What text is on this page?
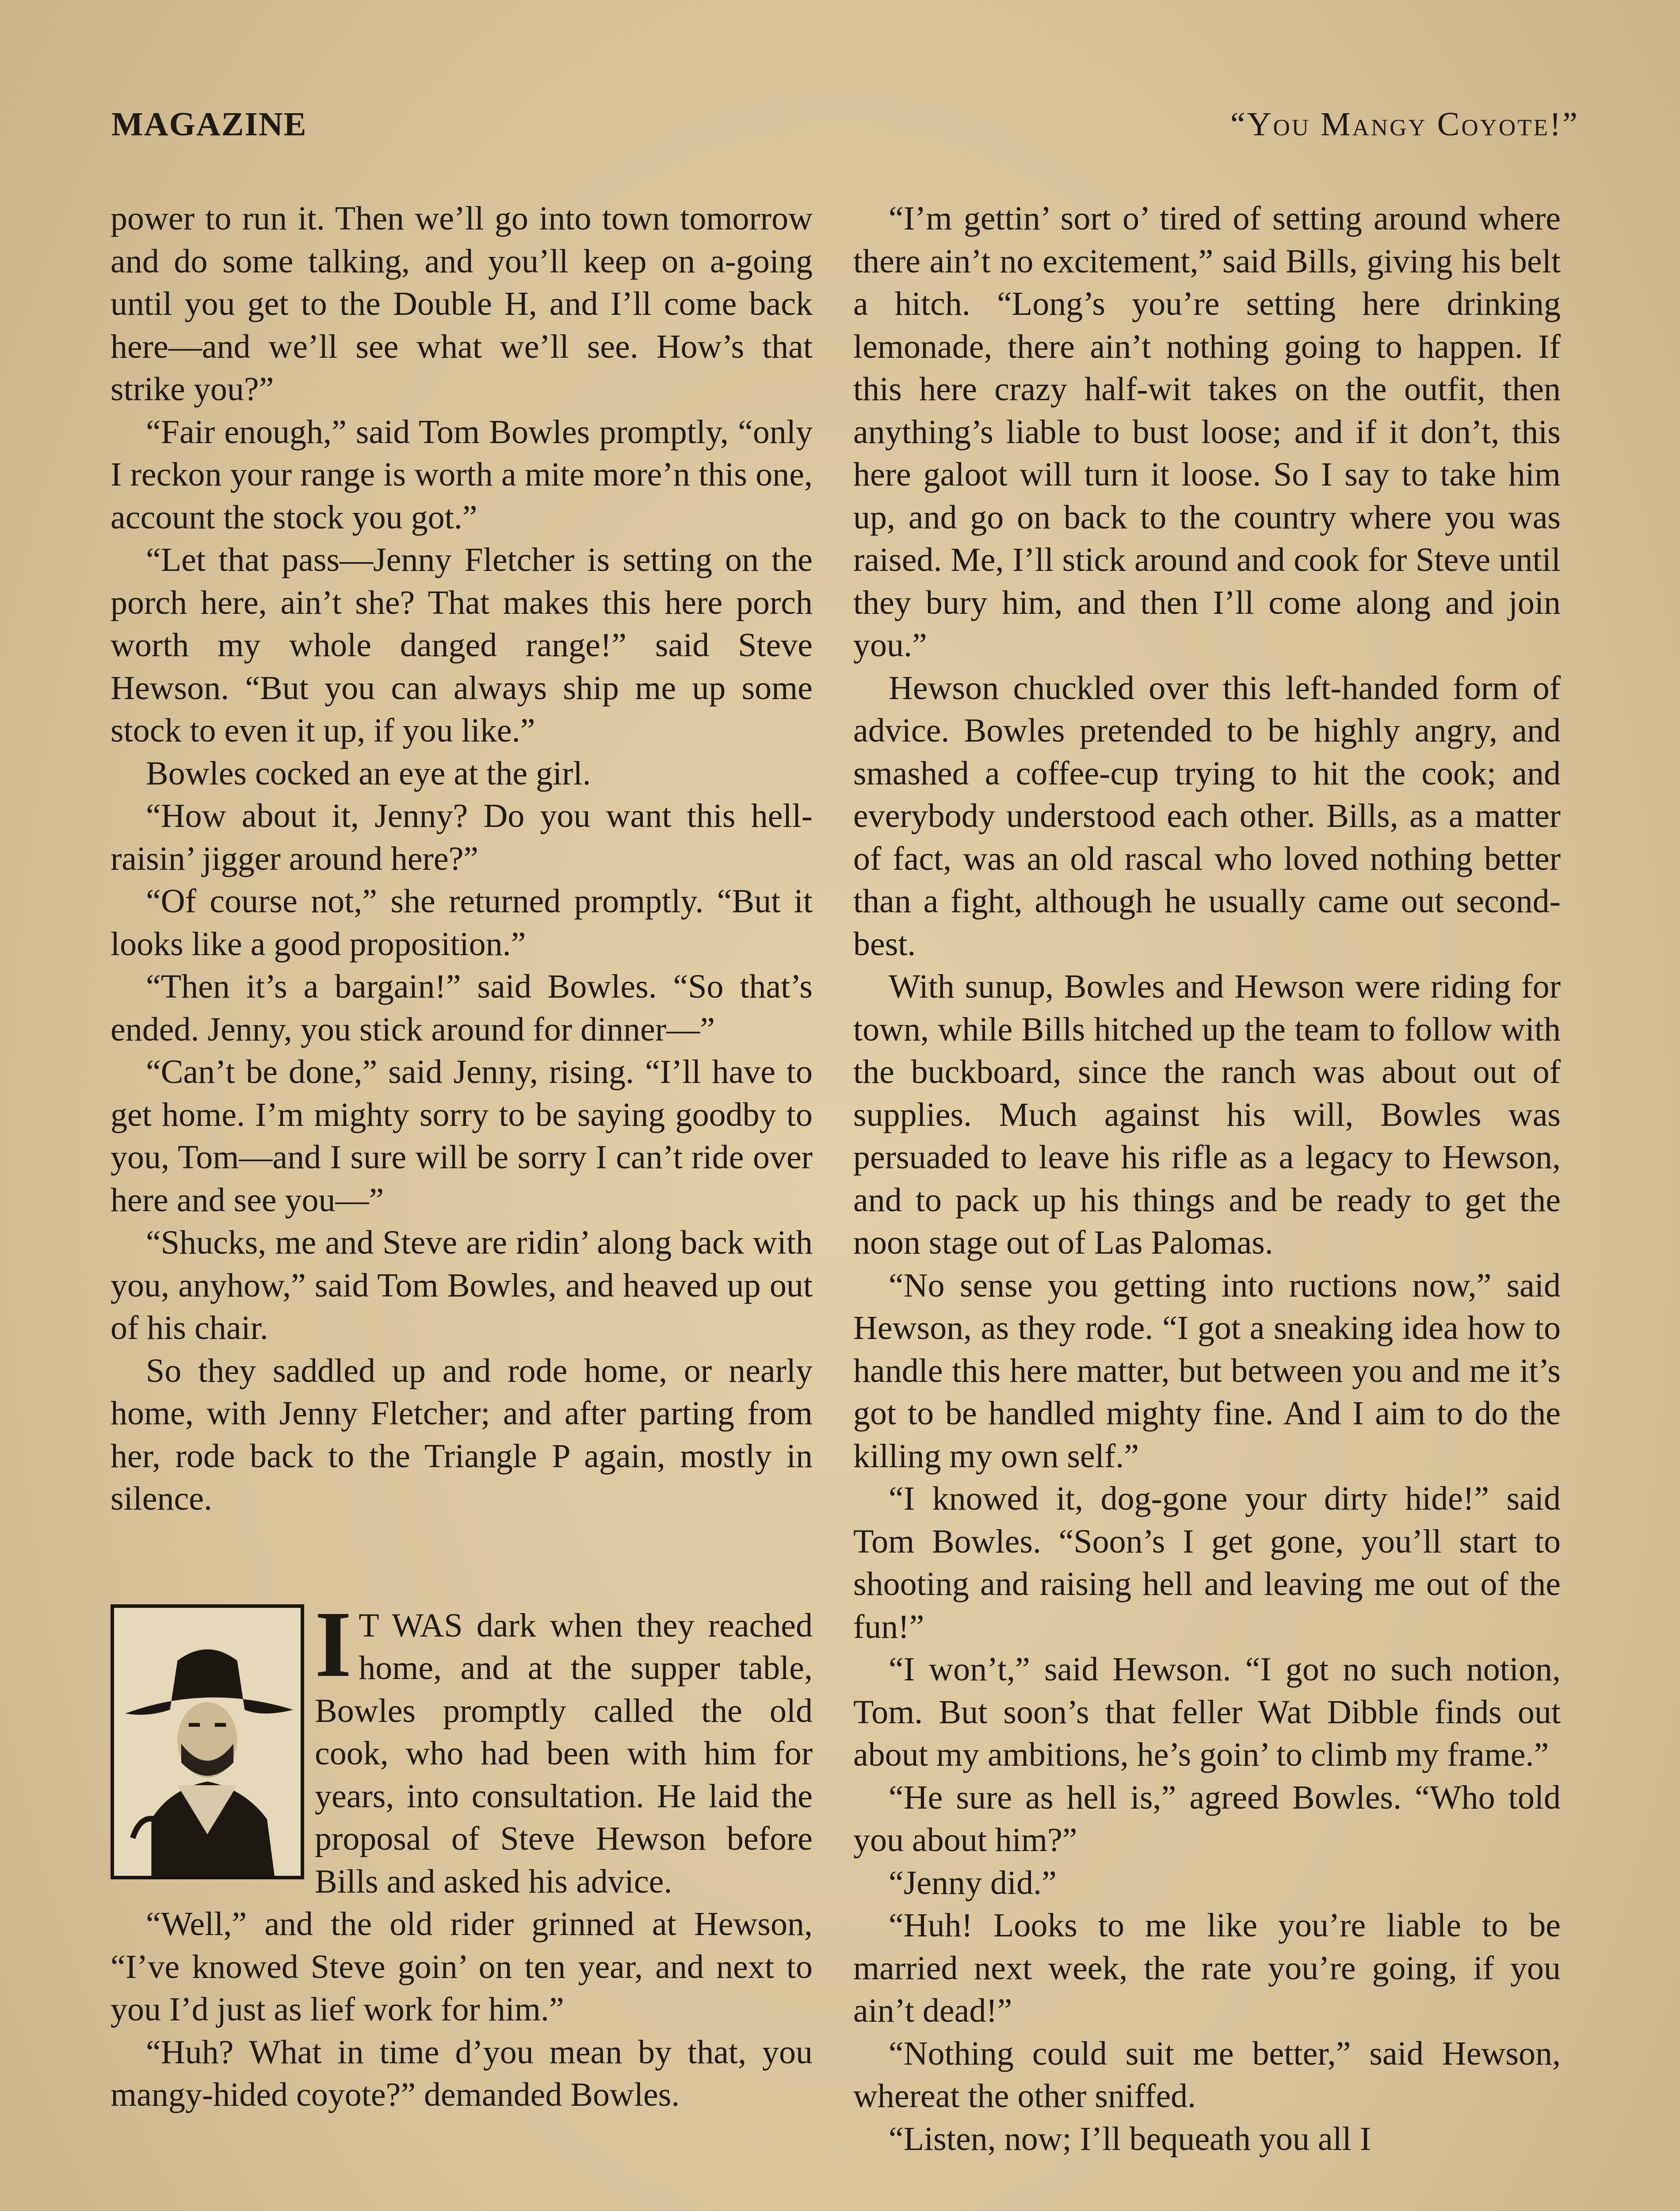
MAGAZINE	“You Mangy Coyote!”

power to run it. Then we’ll go into town tomorrow and do some talking, and you’ll keep on a-going until you get to the Double H, and I’ll come back here—and we’ll see what we’ll see. How’s that strike you?”

“Fair enough,” said Tom Bowles promptly, “only I reckon your range is worth a mite more’n this one, account the stock you got.”

“Let that pass—Jenny Fletcher is setting on the porch here, ain’t she? That makes this here porch worth my whole danged range!” said Steve Hewson. “But you can always ship me up some stock to even it up, if you like.”

Bowles cocked an eye at the girl.

“How about it, Jenny? Do you want this hell-raisin’ jigger around here?”

“Of course not,” she returned promptly. “But it looks like a good proposition.”

“Then it’s a bargain!” said Bowles. “So that’s ended. Jenny, you stick around for dinner—”

“Can’t be done,” said Jenny, rising. “I’ll have to get home. I’m mighty sorry to be saying goodby to you, Tom—and I sure will be sorry I can’t ride over here and see you—”

“Shucks, me and Steve are ridin’ along back with you, anyhow,” said Tom Bowles, and heaved up out of his chair.

So they saddled up and rode home, or nearly home, with Jenny Fletcher; and after parting from her, rode back to the Triangle P again, mostly in silence.

I T WAS dark when they reached home, and at the supper table, Bowles promptly called the old cook, who had been with him for years, into consultation. He laid the proposal of Steve Hewson before Bills and asked his advice.

“Well,” and the old rider grinned at Hewson, “I’ve knowed Steve goin’ on ten year, and next to you I’d just as lief work for him.”

“Huh? What in time d’you mean by that, you mangy-hided coyote?” demanded Bowles.

“I’m gettin’ sort o’ tired of setting around where there ain’t no excitement,” said Bills, giving his belt a hitch. “Long’s you’re setting here drinking lemonade, there ain’t nothing going to happen. If this here crazy half-wit takes on the outfit, then anything’s liable to bust loose; and if it don’t, this here galoot will turn it loose. So I say to take him up, and go on back to the country where you was raised. Me, I’ll stick around and cook for Steve until they bury him, and then I’ll come along and join you.”

Hewson chuckled over this left-handed form of advice. Bowles pretended to be highly angry, and smashed a coffee-cup trying to hit the cook; and everybody understood each other. Bills, as a matter of fact, was an old rascal who loved nothing better than a fight, although he usually came out second-best.

With sunup, Bowles and Hewson were riding for town, while Bills hitched up the team to follow with the buckboard, since the ranch was about out of supplies. Much against his will, Bowles was persuaded to leave his rifle as a legacy to Hewson, and to pack up his things and be ready to get the noon stage out of Las Palomas.

“No sense you getting into ructions now,” said Hewson, as they rode. “I got a sneaking idea how to handle this here matter, but between you and me it’s got to be handled mighty fine. And I aim to do the killing my own self.”

“I knowed it, dog-gone your dirty hide!” said Tom Bowles. “Soon’s I get gone, you’ll start to shooting and raising hell and leaving me out of the fun!”

“I won’t,” said Hewson. “I got no such notion, Tom. But soon’s that feller Wat Dibble finds out about my ambitions, he’s goin’ to climb my frame.”

“He sure as hell is,” agreed Bowles. “Who told you about him?”

“Jenny did.”

“Huh! Looks to me like you’re liable to be married next week, the rate you’re going, if you ain’t dead!”

“Nothing could suit me better,” said Hewson, whereat the other sniffed.

“Listen, now; I’ll bequeath you all I
